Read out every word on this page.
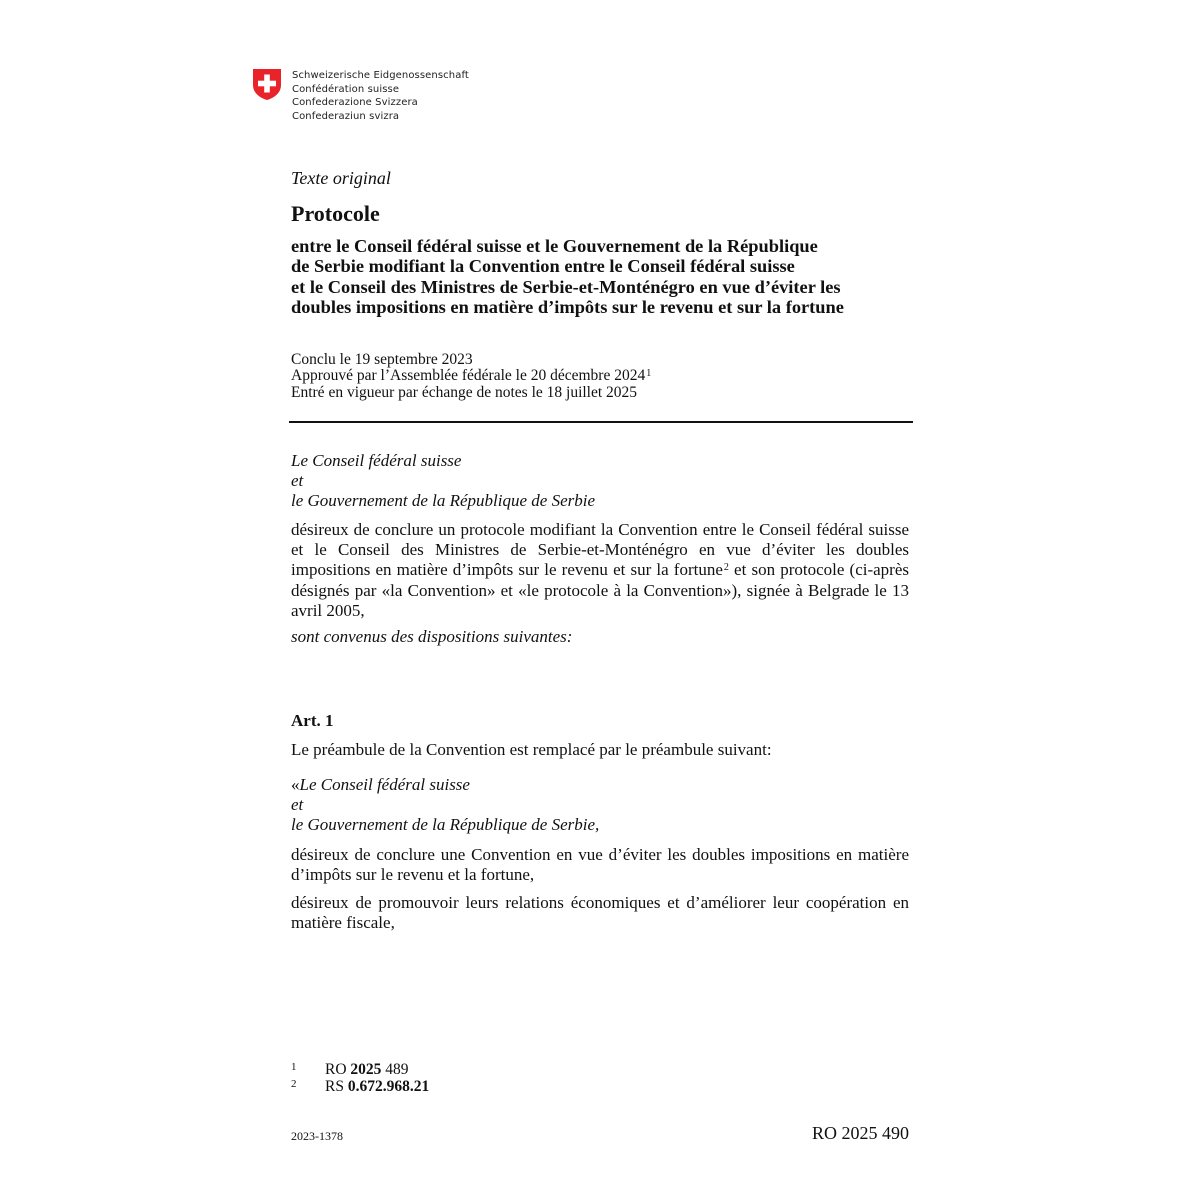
Schweizerische Eidgenossenschaft
Confédération suisse
Confederazione Svizzera
Confederaziun svizra
Texte original
Protocole
entre le Conseil fédéral suisse et le Gouvernement de la République
de Serbie modifiant la Convention entre le Conseil fédéral suisse
et le Conseil des Ministres de Serbie-et-Monténégro en vue d’éviter les
doubles impositions en matière d’impôts sur le revenu et sur la fortune
Conclu le 19 septembre 2023
Approuvé par l’Assemblée fédérale le 20 décembre 2024$^1$
Entré en vigueur par échange de notes le 18 juillet 2025
Le Conseil fédéral suisse
et
le Gouvernement de la République de Serbie
désireux de conclure un protocole modifiant la Convention entre le Conseil fédéral suisse et le Conseil des Ministres de Serbie-et-Monténégro en vue d’éviter les doubles impositions en matière d’impôts sur le revenu et sur la fortune$^2$ et son protocole (ci-après désignés par «la Convention» et «le protocole à la Convention»), signée à Belgrade le 13 avril 2005,
sont convenus des dispositions suivantes:
Art. 1
Le préambule de la Convention est remplacé par le préambule suivant:
«Le Conseil fédéral suisse
et
le Gouvernement de la République de Serbie,
désireux de conclure une Convention en vue d’éviter les doubles impositions en matière d’impôts sur le revenu et la fortune,
désireux de promouvoir leurs relations économiques et d’améliorer leur coopération en matière fiscale,
1	RO 2025 489
2	RS 0.672.968.21
2023-1378	RO 2025 490
